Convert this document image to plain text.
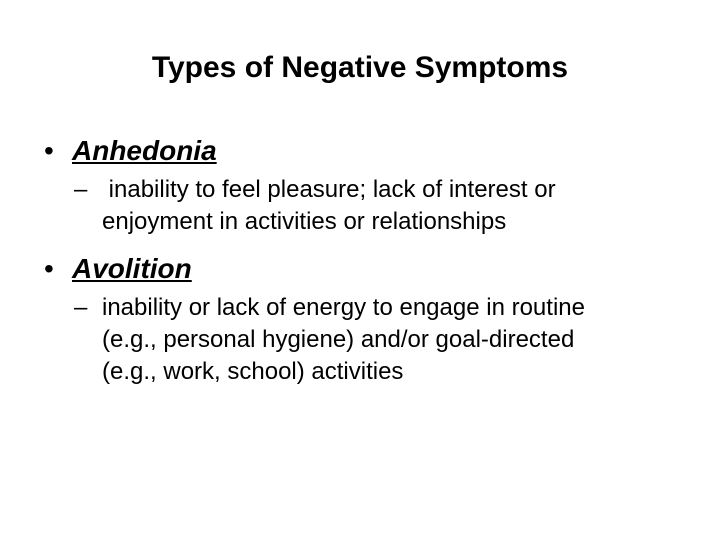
Types of Negative Symptoms
• Anhedonia
– inability to feel pleasure; lack of interest or
enjoyment in activities or relationships
• Avolition
– inability or lack of energy to engage in routine
(e.g., personal hygiene) and/or goal-directed
(e.g., work, school) activities
